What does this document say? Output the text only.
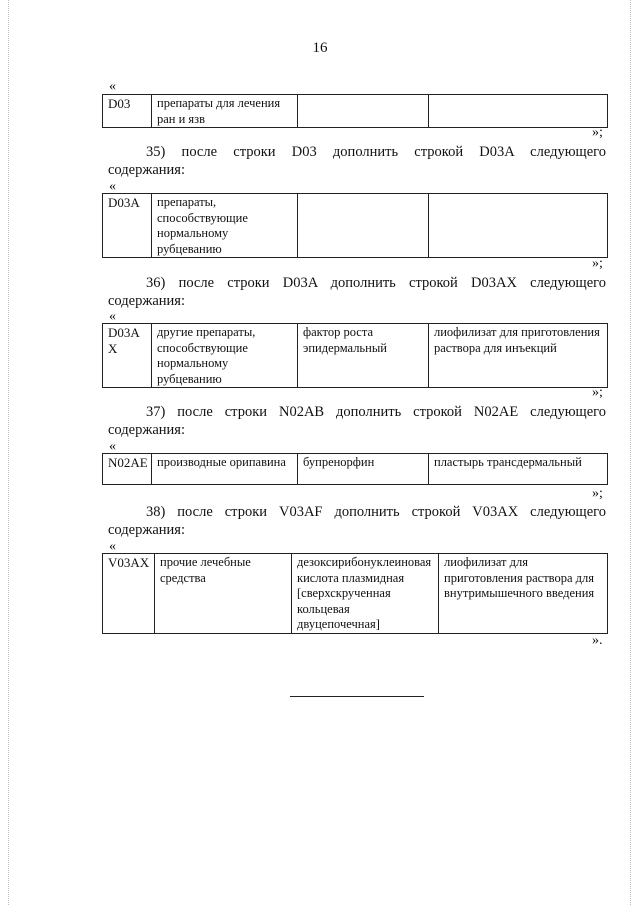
16
«
D03	препараты для лечения ран и язв		
»;
35) после строки D03 дополнить строкой D03A следующего
содержания:
«
D03A	препараты, способствующие нормальному рубцеванию		
»;
36) после строки D03A дополнить строкой D03AX следующего
содержания:
«
D03A X	другие препараты, способствующие нормальному рубцеванию	фактор роста эпидермальный	лиофилизат для приготовления раствора для инъекций
»;
37) после строки N02AB дополнить строкой N02AE следующего
содержания:
«
N02AE	производные орипавина	бупренорфин	пластырь трансдермальный
»;
38) после строки V03AF дополнить строкой V03AX следующего
содержания:
«
V03AX	прочие лечебные средства	дезоксирибонуклеиновая кислота плазмидная [сверхскрученная кольцевая двуцепочечная]	лиофилизат для приготовления раствора для внутримышечного введения
».
